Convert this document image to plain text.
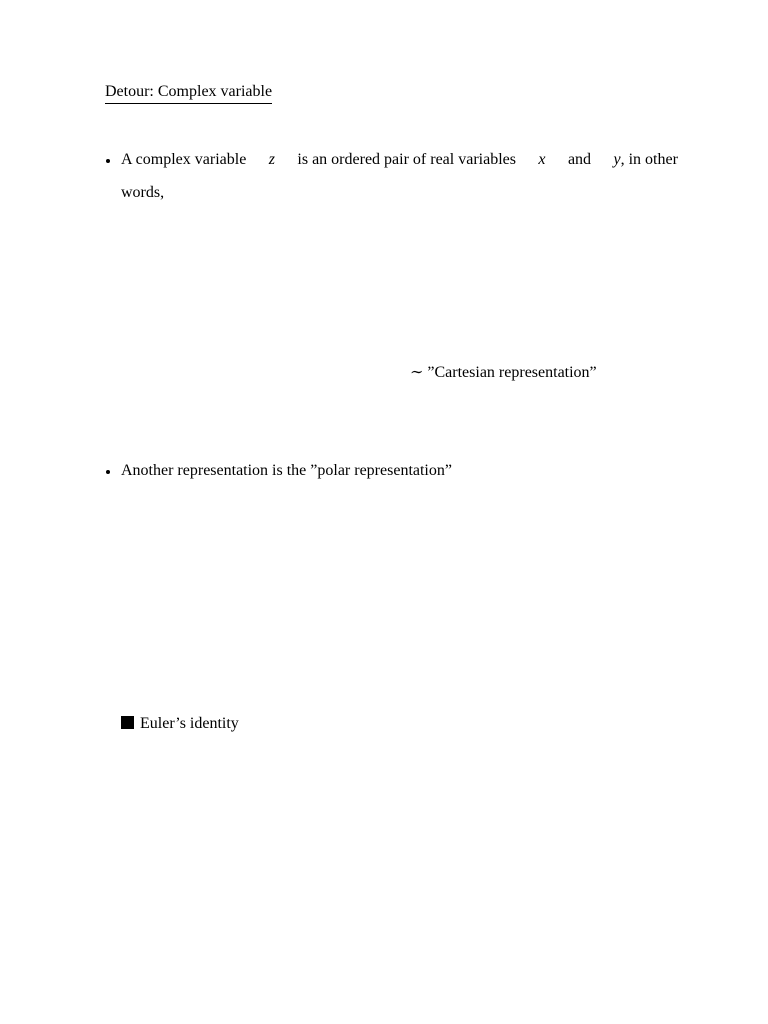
Detour: Complex variable
A complex variable z is an ordered pair of real variables x and y, in other
words,
∼ ”Cartesian representation”
Another representation is the ”polar representation”
Euler’s identity
